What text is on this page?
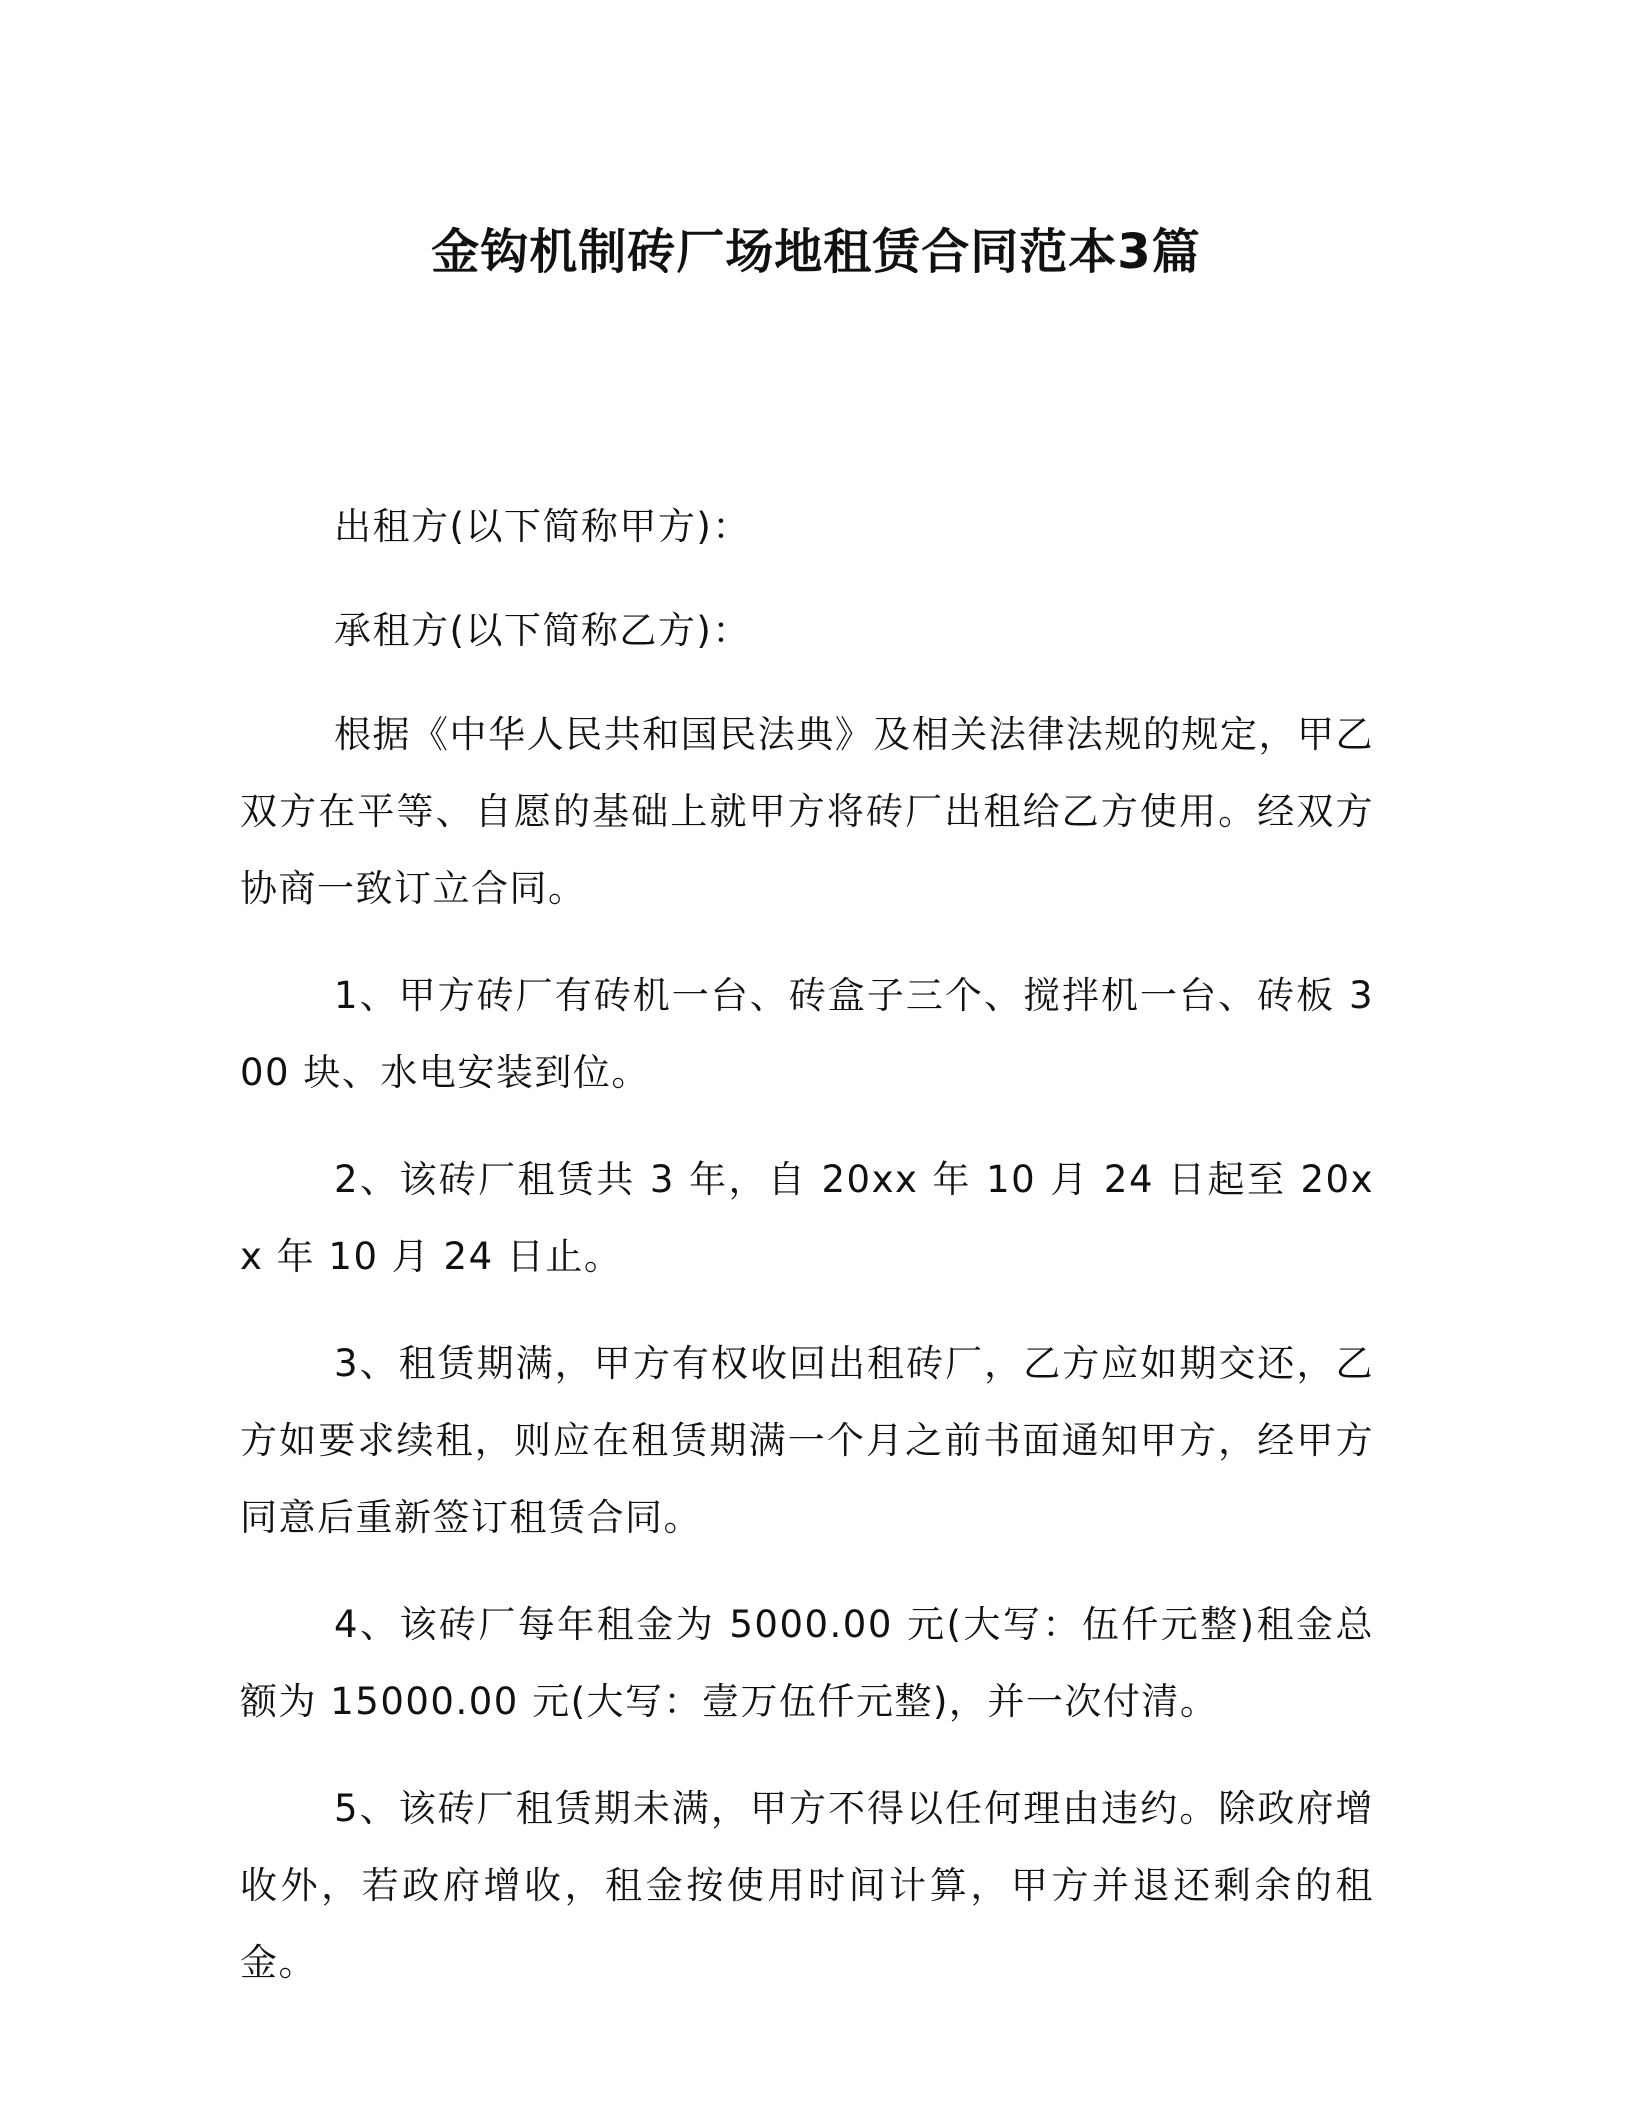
金钩机制砖厂场地租赁合同范本3篇

出租方(以下简称甲方)：

承租方(以下简称乙方)：

根据《中华人民共和国民法典》及相关法律法规的规定，甲乙双方在平等、自愿的基础上就甲方将砖厂出租给乙方使用。经双方协商一致订立合同。

1、甲方砖厂有砖机一台、砖盒子三个、搅拌机一台、砖板 300 块、水电安装到位。

2、该砖厂租赁共 3 年，自 20xx 年 10 月 24 日起至 20xx 年 10 月 24 日止。

3、租赁期满，甲方有权收回出租砖厂，乙方应如期交还，乙方如要求续租，则应在租赁期满一个月之前书面通知甲方，经甲方同意后重新签订租赁合同。

4、该砖厂每年租金为 5000.00 元(大写：伍仟元整)租金总额为 15000.00 元(大写：壹万伍仟元整)，并一次付清。

5、该砖厂租赁期未满，甲方不得以任何理由违约。除政府增收外，若政府增收，租金按使用时间计算，甲方并退还剩余的租金。
